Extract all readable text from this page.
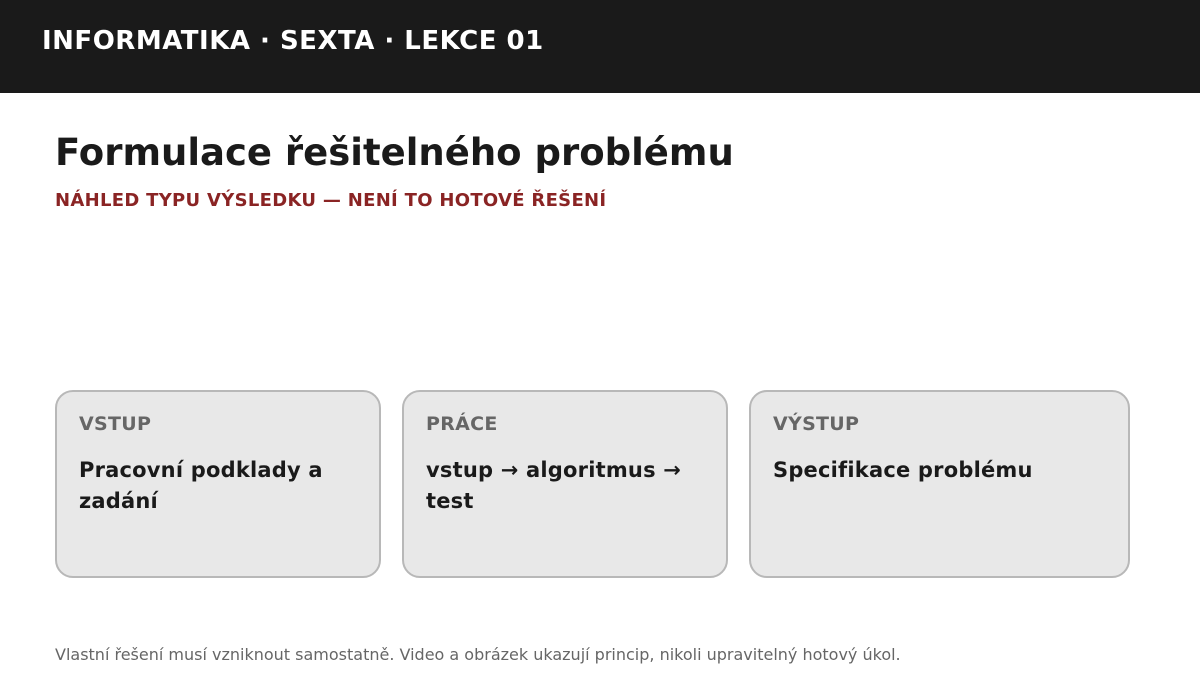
INFORMATIKA · SEXTA · LEKCE 01
Formulace řešitelného problému
NÁHLED TYPU VÝSLEDKU — NENÍ TO HOTOVÉ ŘEŠENÍ
VSTUP
Pracovní podklady a zadání
PRÁCE
vstup → algoritmus → test
VÝSTUP
Specifikace problému
Vlastní řešení musí vzniknout samostatně. Video a obrázek ukazují princip, nikoli upravitelný hotový úkol.
